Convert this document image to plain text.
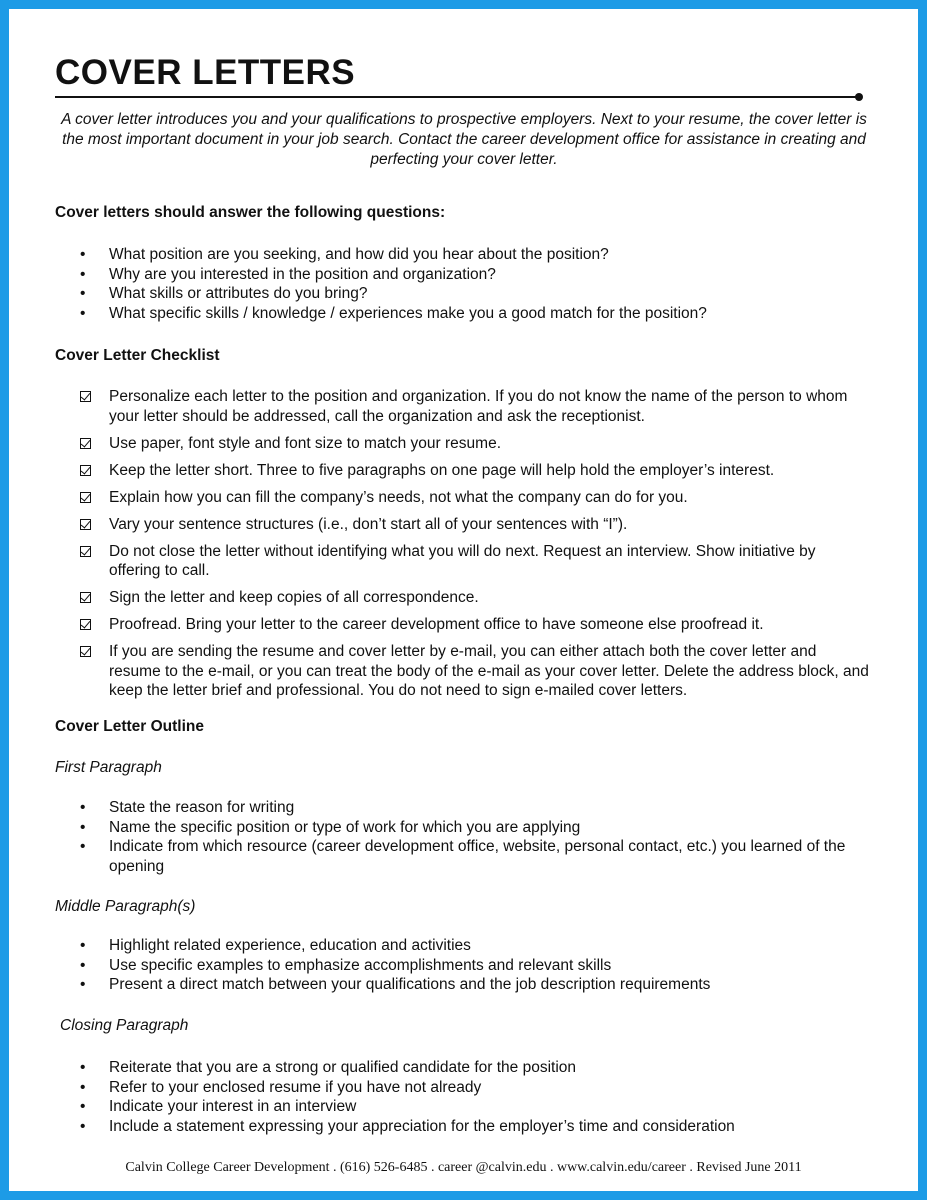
COVER LETTERS
A cover letter introduces you and your qualifications to prospective employers. Next to your resume, the cover letter is the most important document in your job search. Contact the career development office for assistance in creating and perfecting your cover letter.
Cover letters should answer the following questions:
•	What position are you seeking, and how did you hear about the position?
•	Why are you interested in the position and organization?
•	What skills or attributes do you bring?
•	What specific skills / knowledge / experiences make you a good match for the position?
Cover Letter Checklist
Personalize each letter to the position and organization. If you do not know the name of the person to whom your letter should be addressed, call the organization and ask the receptionist.
Use paper, font style and font size to match your resume.
Keep the letter short. Three to five paragraphs on one page will help hold the employer’s interest.
Explain how you can fill the company’s needs, not what the company can do for you.
Vary your sentence structures (i.e., don’t start all of your sentences with “I”).
Do not close the letter without identifying what you will do next. Request an interview. Show initiative by offering to call.
Sign the letter and keep copies of all correspondence.
Proofread. Bring your letter to the career development office to have someone else proofread it.
If you are sending the resume and cover letter by e-mail, you can either attach both the cover letter and resume to the e-mail, or you can treat the body of the e-mail as your cover letter. Delete the address block, and keep the letter brief and professional. You do not need to sign e-mailed cover letters.
Cover Letter Outline
First Paragraph
•	State the reason for writing
•	Name the specific position or type of work for which you are applying
•	Indicate from which resource (career development office, website, personal contact, etc.) you learned of the opening
Middle Paragraph(s)
•	Highlight related experience, education and activities
•	Use specific examples to emphasize accomplishments and relevant skills
•	Present a direct match between your qualifications and the job description requirements
Closing Paragraph
•	Reiterate that you are a strong or qualified candidate for the position
•	Refer to your enclosed resume if you have not already
•	Indicate your interest in an interview
•	Include a statement expressing your appreciation for the employer’s time and consideration
Calvin College Career Development . (616) 526-6485 . career @calvin.edu . www.calvin.edu/career . Revised June 2011
